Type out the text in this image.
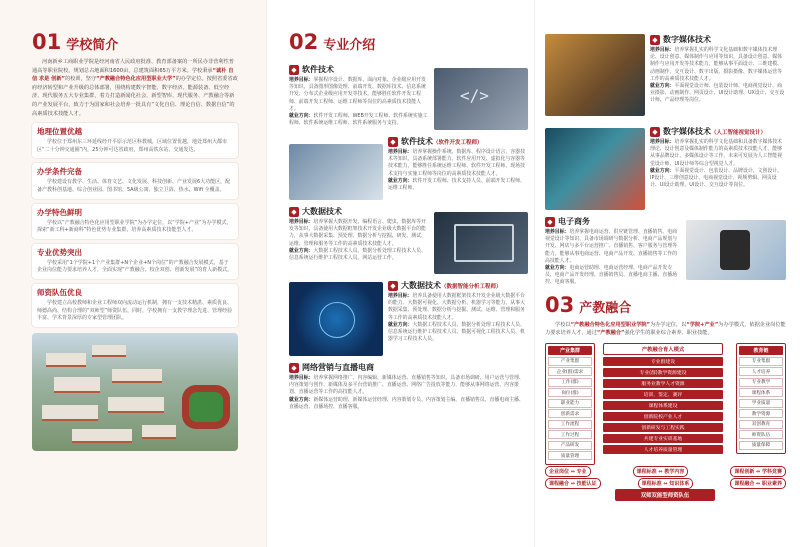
01 学校简介

河南新乡工商职业学院是经河南省人民政府批准、教育部备案的一所民办非营利性普通高等职业院校，规划总占地面积1600亩，总建筑面积65万平方米。学校秉承“诚朴 自信 求是 创新”的校训，坚守“产教融合特色化应用型职业大学”的办学定位。按照省委省政府经济转型和产业升级的总体部署，围绕构建数字智能、数字经济、能源装备、低空经济、现代服务五大专业集群，着力打造新闻化社会、新型智库、现代服务、产教融合等新的产业发展平台，致力于为国家和社会培养一批具有“文化自信、理论自信、数据自信”的高素质技术技能人才。

地理位置优越
学校位于郑州东三环延线经开平原示范区科教城，区域位置优越，地处郑州大都市区“二十分钟交通圈”内，25分钟可达省政府，郑州高铁东站，交通发达。
办学条件完备
学校建设有教学、生活、体育文艺、文化发展、科技创新、产业发展6大功能区，配备产教科创基地、综合创业园、图书馆、5A级公寓、独立卫浴、热水、Wifi 全覆盖。
办学特色鲜明
学校以“产教融合特色化应用型职业学院”为办学定位，以“学院+产业”为办学模式，探索“新工科+新商科”特色优势专业集群，培养高素质技术技能型人才。
专业优势突出
学校采用“1个学院+1个产业集群+N个企业+N个岗位”的产教融合发展模式，基于企业岗位能力要求培养人才，全面实现“产教融合、校企双创、创新发展”的育人新模式。
师资队伍优良
学校建立高校教师和企业工程师双向流动运行机制，拥有一支技术精湛、素质优良、师德高尚、结构合理的“双师型”师资队伍，同时，学校拥有一支教学理念先进、管理经验丰富、学术背景深厚的专家型管理团队。
02 专业介绍
◆ 软件技术
培养目标：掌握程序设计、数据库、面向对象、企业级应用开发等知识，具备图形图像处理、前端开发、数据库技术、信息系统开发、分布式企业级应用开发等技术，能够胜任软件开发工程师、前端开发工程师、运维工程师等岗位的高素质技术技能人才。
就业方向：软件开发工程师、WEB开发工程师、软件系统实施工程师、软件系统运维工程师、软件系统服务与支持。
</>
◆ 软件技术 （软件开发工程师）
培养目标：培养掌握操作系统、数据库、程序设计语言，容器技术等知识，具备系统部署能力、软件应用开发、虚拟化与容器等技术能力，能够胜任系统运维工程师、软件开发工程师、现场技术支持与实施工程师等岗位的高素质技术技能人才。
就业方向：软件开发工程师、技术支持人员、前端开发工程师、运维工程师。
◆ 大数据技术
培养目标：培养掌握大数据开发、编程语言、爬虫、数据库等开发等知识，具备使用大数据框架技术开发企业级大数据平台的能力，从事大数据采集、预处理、数据分析与挖掘、研发、测试、运维、管理和服务等工作的高素质技术技能人才。
就业方向：大数据工程技术人员、数据分析处理工程技术人员、信息系统运行维护工程技术人员、网站运营工作。
◆ 大数据技术 （数据智能分析工程师）
培养目标：培养具备使用大数据框架技术开发企业级大数据平台的能力、大数据可视化、大数据分析、机器学习等能力，从事大数据采集、预处理、数据分析与挖掘、测试、运维、管理和服务等工作的高素质技术技能人才。
就业方向：大数据工程技术人员、数据分析处理工程技术人员、信息系统运行维护工程技术人员、数据可视化工程技术人员、机器学习工程技术人员。
◆ 网络营销与直播电商
培养目标：培养掌握网络推广、内容编辑、新媒体运营、直播销售等知识，具备市场调研、用户运营与管理、内容策划与创作、新媒体及多平台营销推广、直播运营、网络广告投放等能力，能够从事网络运营、内容策划、直播运营等工作的高技能人才。
就业方向：新媒体运营助理、新媒体运营经理、内容策划专员、内容策划主编、直播销售员、直播电商主播、直播运营、直播场控、直播客服。
◆ 数字媒体技术
培养目标：培养掌握扎实的科学文化基础和数字媒体技术理论、设计创意、媒体制作与应用等知识，具备设计创意、媒体制作与应用开发等技术能力，能够从事平面设计、三维建模、动画制作、交互设计、数字出版、摄影摄像、数字媒体运营等工作的高素质技术技能人才。
就业方向：平面视觉设计师、包装设计师、电商视觉设计、商业摄影、动画制作、网页设计、UI设计助理、UX设计、交互设计师、产品经理等岗位。
◆ 数字媒体技术 （人工智能视觉设计）
培养目标：培养掌握扎实的科学文化基础和具备数字媒体技术理论、设计创意及媒体制作能力的高素质技术技能人才，能够从事品牌设计、多媒体设计等工作，未来可发展为人工智能视觉设计师、UI设计师等综合型视觉人才。
就业方向：平面视觉设计、包装设计、品牌设计、文创设计、IP设计、三维创意设计、电商视觉设计、视频剪辑、网页设计、UI设计助理、UI设计、交互设计等岗位。
◆ 电子商务
培养目标：培养掌握电商运营、供应链管理、直播销售、电商视觉设计等知识，具备市场调研与数据分析、电商产品规划与开发、网店与多平台运营推广、直播销售、客户服务与管理等能力，能够从事电商运营、电商产品开发、直播销售等工作的高技能人才。
就业方向：电商运营助理、电商运营经理、电商产品开发专员、电商产品开发经理、直播销售员、直播电商主播、直播场控、电商客服。
03 产教融合

学校以“产教融合特色化应用型职业学院”为办学定位，以“学院+产业”为办学模式，依据企业岗位能力要求培养人才，通过“产教融合”强化学生的职业综合素养、职业技能。

产业集群
产业集群
企业(群)需求
工作(群)
岗位(群)
职业能力
创新需求
工作流程
工作过程
产品研发
质量管理
产教融合育人模式
专业群建设
专业(群)教学资源建设
服务业教学人才资源
培训、鉴定、赛评
课程体系建设
创新院校产业人才
创新研发与工程实践
共建专业实训基地
人才培养质量管理
教育链
专业集群
人才培养
专业教学
课程体系
学业质量
教学资源
双创教育
师资队伍
质量保障
企业岗位 ⇔ 专业	课程标准 ⇔ 教学内容	课程创新 ⇔ 学科竞赛
课程融合 ⇔ 技能认证	课程标准 ⇔ 知识体系	课程融合 ⇔ 职业素养
双师双能型师资队伍
